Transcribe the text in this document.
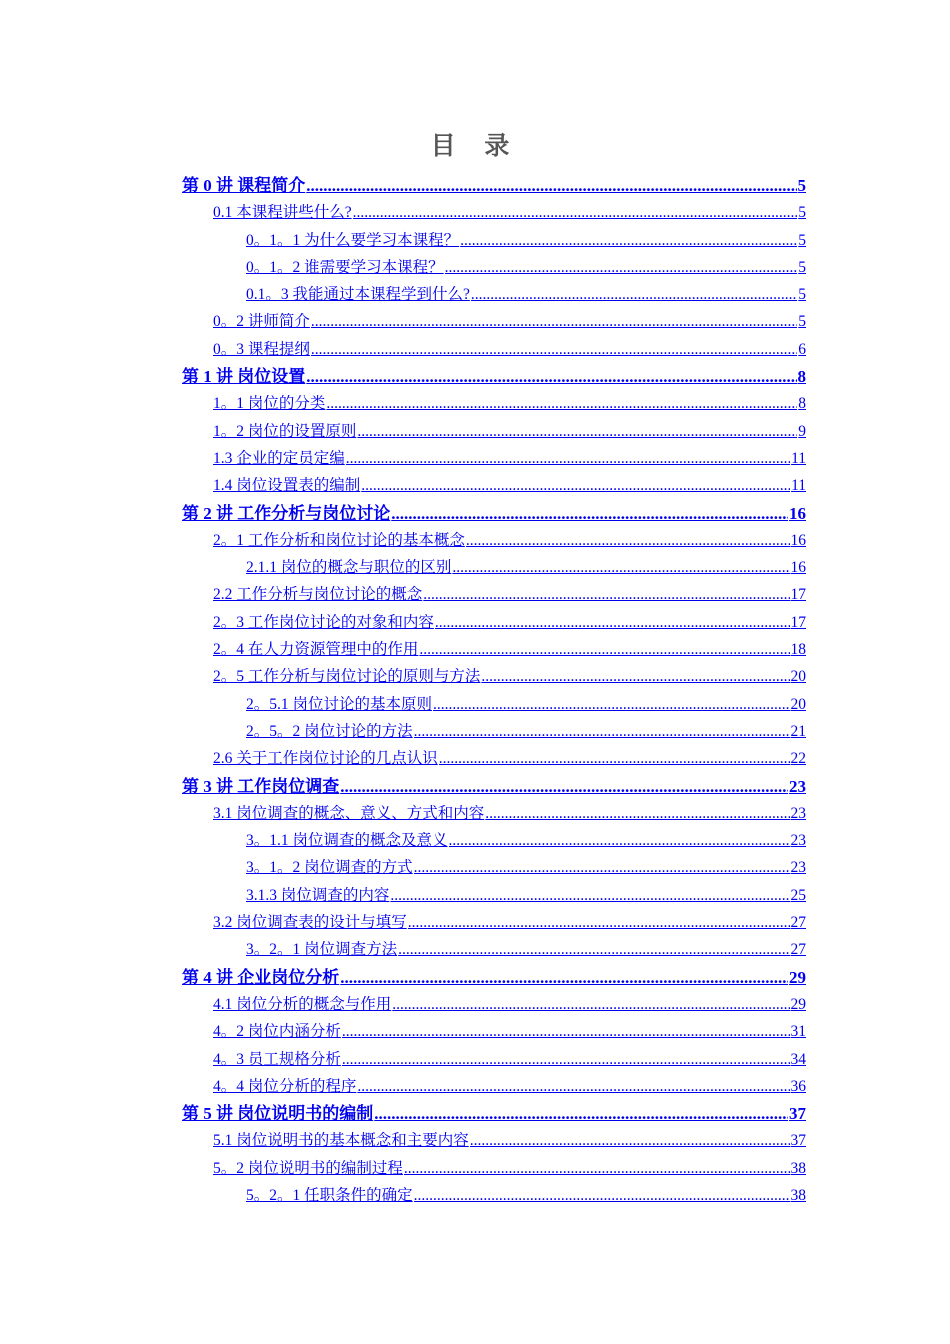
目 录
第 0 讲 课程简介 .....	5
0.1 本课程讲些什么? .....	5
0。1。1 为什么要学习本课程？ .....	5
0。1。2 谁需要学习本课程？ .....	5
0.1。3 我能通过本课程学到什么? .....	5
0。2 讲师简介 .....	5
0。3 课程提纲 .....	6
第 1 讲 岗位设置 .....	8
1。1 岗位的分类 .....	8
1。2 岗位的设置原则 .....	9
1.3 企业的定员定编 .....	11
1.4 岗位设置表的编制 .....	11
第 2 讲 工作分析与岗位讨论 .....	16
2。1 工作分析和岗位讨论的基本概念 .....	16
2.1.1 岗位的概念与职位的区别 .....	16
2.2 工作分析与岗位讨论的概念 .....	17
2。3 工作岗位讨论的对象和内容 .....	17
2。4 在人力资源管理中的作用 .....	18
2。5 工作分析与岗位讨论的原则与方法 .....	20
2。5.1 岗位讨论的基本原则 .....	20
2。5。2 岗位讨论的方法 .....	21
2.6 关于工作岗位讨论的几点认识 .....	22
第 3 讲 工作岗位调查 .....	23
3.1 岗位调查的概念、意义、方式和内容 .....	23
3。1.1 岗位调查的概念及意义 .....	23
3。1。2 岗位调查的方式 .....	23
3.1.3 岗位调查的内容 .....	25
3.2 岗位调查表的设计与填写 .....	27
3。2。1 岗位调查方法 .....	27
第 4 讲 企业岗位分析 .....	29
4.1 岗位分析的概念与作用 .....	29
4。2 岗位内涵分析 .....	31
4。3 员工规格分析 .....	34
4。4 岗位分析的程序 .....	36
第 5 讲 岗位说明书的编制 .....	37
5.1 岗位说明书的基本概念和主要内容 .....	37
5。2 岗位说明书的编制过程 .....	38
5。2。1 任职条件的确定 .....	38
